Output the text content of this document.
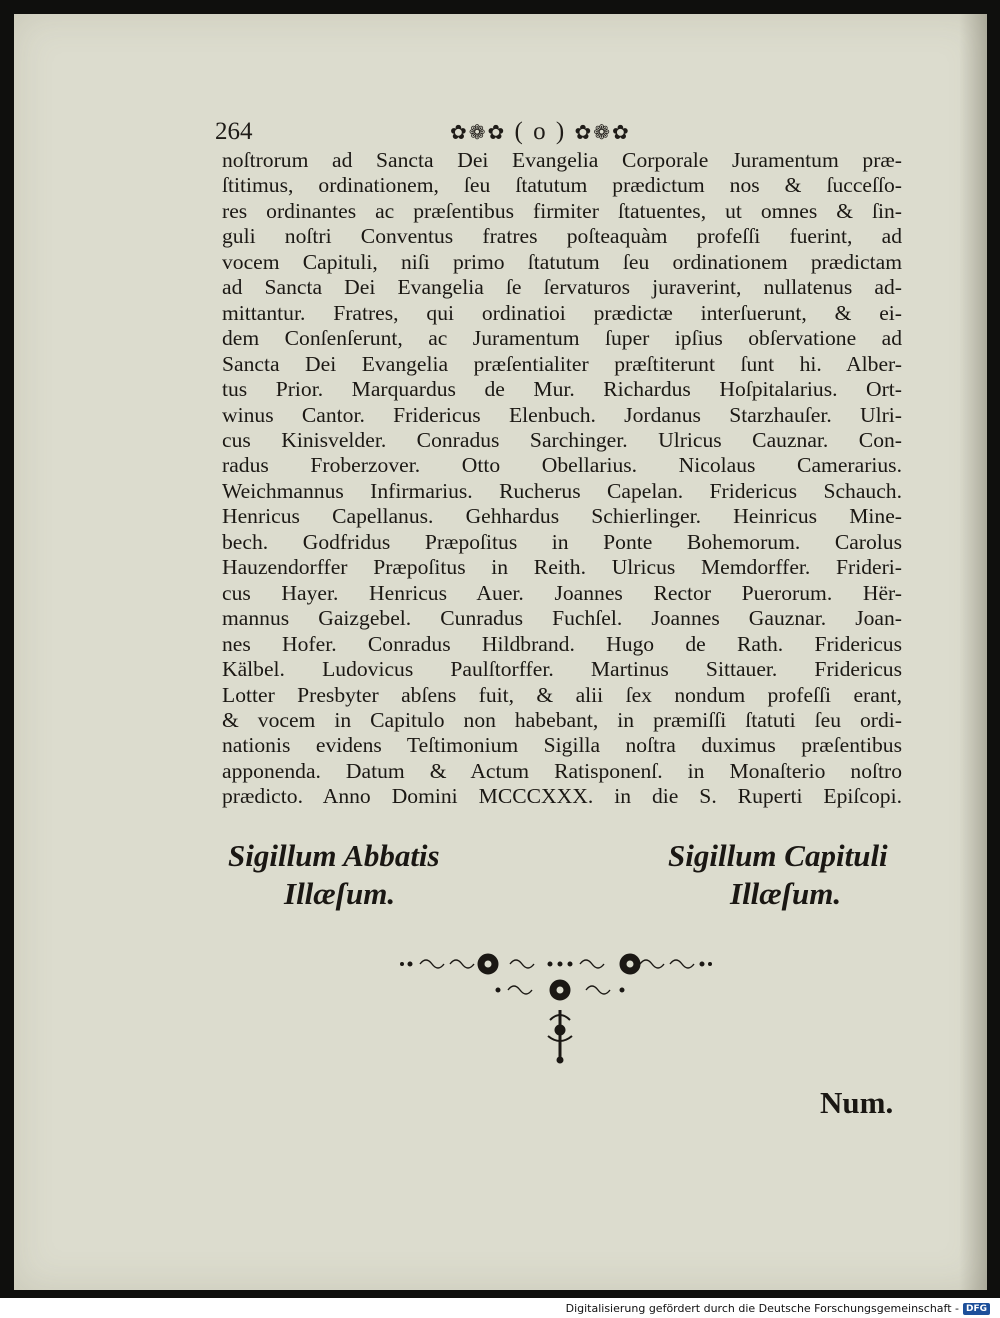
264	✿❁✿ ( o ) ✿❁✿
noſtrorum ad Sancta Dei Evangelia Corporale Juramentum præ-
ſtitimus, ordinationem, ſeu ſtatutum prædictum nos & ſucceſſo-
res ordinantes ac præſentibus firmiter ſtatuentes, ut omnes & ſin-
guli noſtri Conventus fratres poſteaquàm profeſſi fuerint, ad
vocem Capituli, niſi primo ſtatutum ſeu ordinationem prædictam
ad Sancta Dei Evangelia ſe ſervaturos juraverint, nullatenus ad-
mittantur. Fratres, qui ordinatioi prædictæ interſuerunt, & ei-
dem Conſenſerunt, ac Juramentum ſuper ipſius obſervatione ad
Sancta Dei Evangelia præſentialiter præſtiterunt ſunt hi. Alber-
tus Prior. Marquardus de Mur. Richardus Hoſpitalarius. Ort-
winus Cantor. Fridericus Elenbuch. Jordanus Starzhauſer. Ulri-
cus Kinisvelder. Conradus Sarchinger. Ulricus Cauznar. Con-
radus Froberzover. Otto Obellarius. Nicolaus Camerarius.
Weichmannus Infirmarius. Rucherus Capelan. Fridericus Schauch.
Henricus Capellanus. Gehhardus Schierlinger. Heinricus Mine-
bech. Godfridus Præpoſitus in Ponte Bohemorum. Carolus
Hauzendorffer Præpoſitus in Reith. Ulricus Memdorffer. Frideri-
cus Hayer. Henricus Auer. Joannes Rector Puerorum. Hër-
mannus Gaizgebel. Cunradus Fuchſel. Joannes Gauznar. Joan-
nes Hofer. Conradus Hildbrand. Hugo de Rath. Fridericus
Kälbel. Ludovicus Paulſtorffer. Martinus Sittauer. Fridericus
Lotter Presbyter abſens fuit, & alii ſex nondum profeſſi erant,
& vocem in Capitulo non habebant, in præmiſſi ſtatuti ſeu ordi-
nationis evidens Teſtimonium Sigilla noſtra duximus præſentibus
apponenda. Datum & Actum Ratisponenſ. in Monaſterio noſtro
prædicto. Anno Domini MCCCXXX. in die S. Ruperti Epiſcopi.
Sigillum Abbatis
Illæſum.
Sigillum Capituli
Illæſum.
Num.
Digitalisierung gefördert durch die Deutsche Forschungsgemeinschaft - DFG
